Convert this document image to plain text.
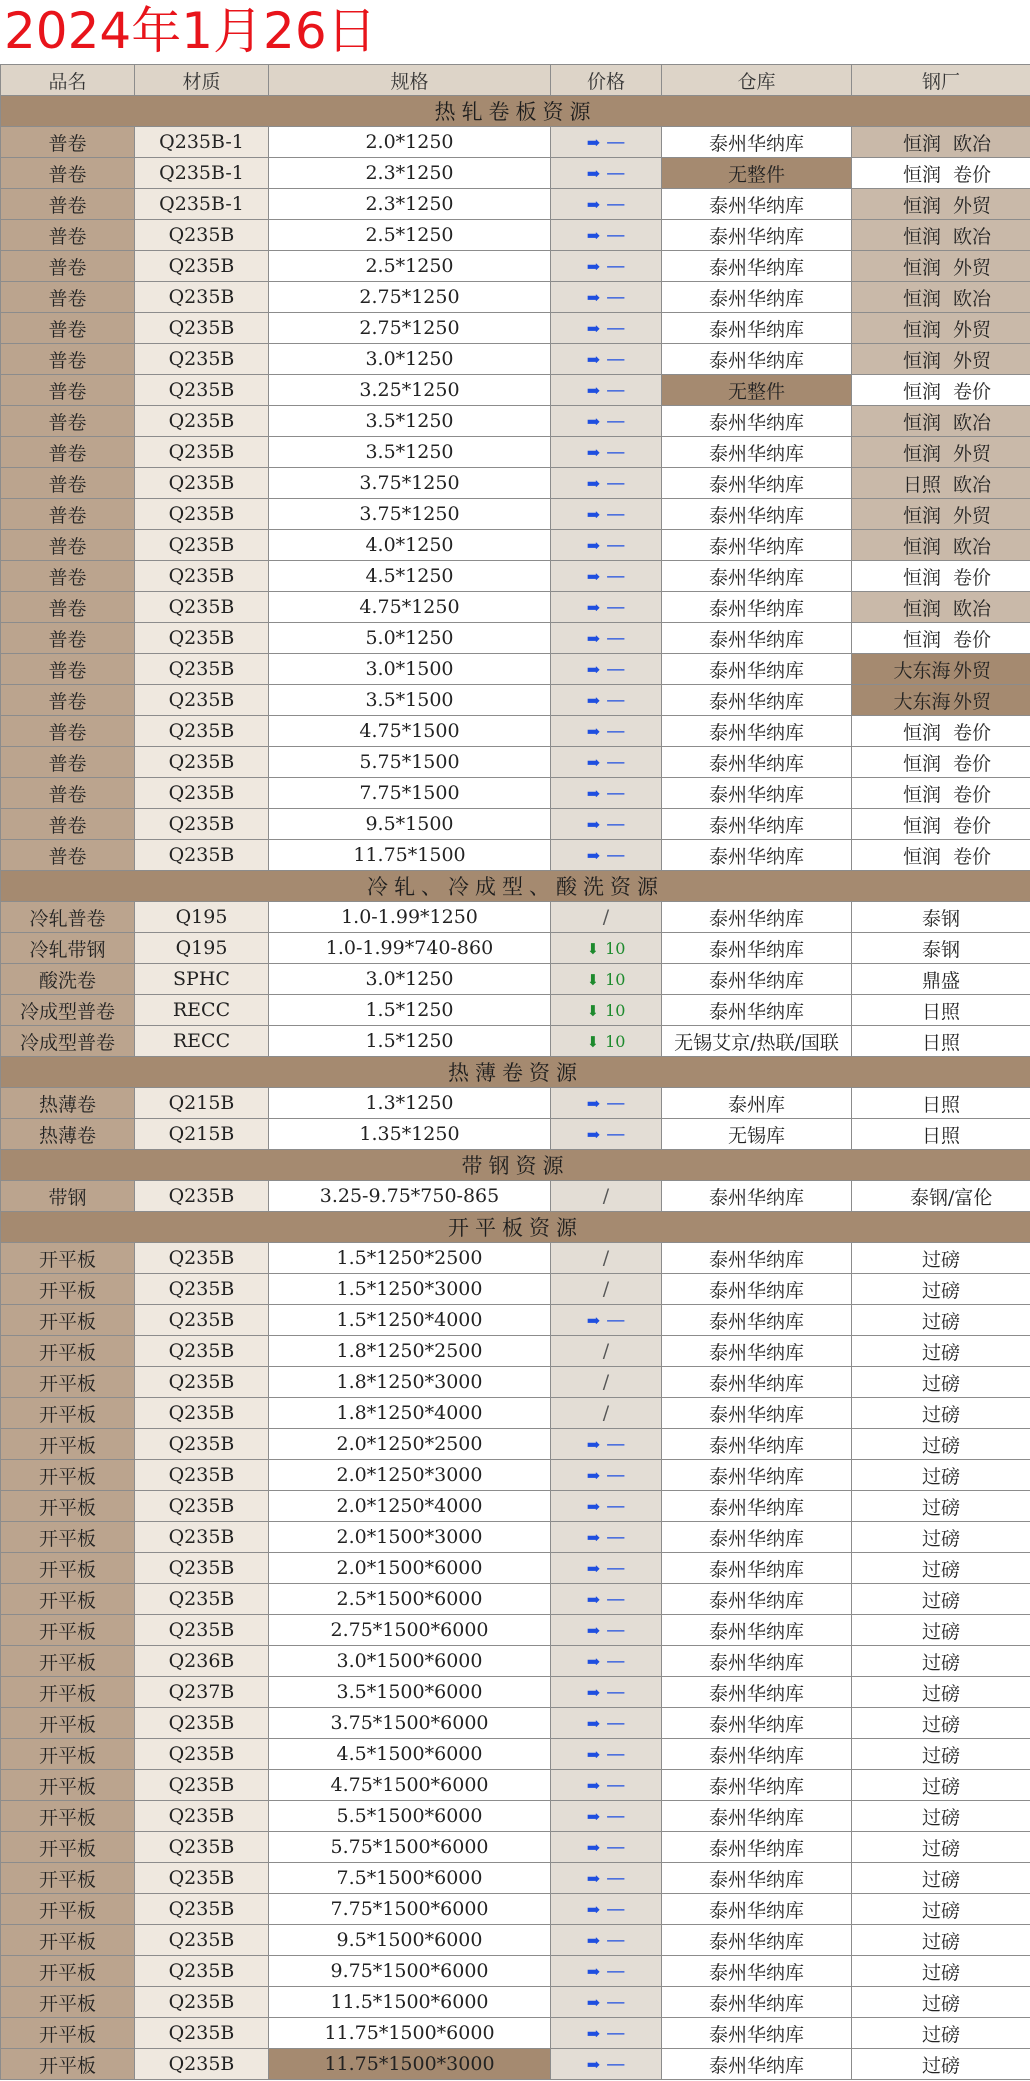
2024年1月26日
品名	材质	规格	价格	仓库	钢厂
热轧卷板资源					
普卷	Q235B-1	2.0*1250	➡ —	泰州华纳库	恒润 欧冶
普卷	Q235B-1	2.3*1250	➡ —	无整件	恒润 卷价
普卷	Q235B-1	2.3*1250	➡ —	泰州华纳库	恒润 外贸
普卷	Q235B	2.5*1250	➡ —	泰州华纳库	恒润 欧冶
普卷	Q235B	2.5*1250	➡ —	泰州华纳库	恒润 外贸
普卷	Q235B	2.75*1250	➡ —	泰州华纳库	恒润 欧冶
普卷	Q235B	2.75*1250	➡ —	泰州华纳库	恒润 外贸
普卷	Q235B	3.0*1250	➡ —	泰州华纳库	恒润 外贸
普卷	Q235B	3.25*1250	➡ —	无整件	恒润 卷价
普卷	Q235B	3.5*1250	➡ —	泰州华纳库	恒润 欧冶
普卷	Q235B	3.5*1250	➡ —	泰州华纳库	恒润 外贸
普卷	Q235B	3.75*1250	➡ —	泰州华纳库	日照 欧冶
普卷	Q235B	3.75*1250	➡ —	泰州华纳库	恒润 外贸
普卷	Q235B	4.0*1250	➡ —	泰州华纳库	恒润 欧冶
普卷	Q235B	4.5*1250	➡ —	泰州华纳库	恒润 卷价
普卷	Q235B	4.75*1250	➡ —	泰州华纳库	恒润 欧冶
普卷	Q235B	5.0*1250	➡ —	泰州华纳库	恒润 卷价
普卷	Q235B	3.0*1500	➡ —	泰州华纳库	大东海 外贸
普卷	Q235B	3.5*1500	➡ —	泰州华纳库	大东海 外贸
普卷	Q235B	4.75*1500	➡ —	泰州华纳库	恒润 卷价
普卷	Q235B	5.75*1500	➡ —	泰州华纳库	恒润 卷价
普卷	Q235B	7.75*1500	➡ —	泰州华纳库	恒润 卷价
普卷	Q235B	9.5*1500	➡ —	泰州华纳库	恒润 卷价
普卷	Q235B	11.75*1500	➡ —	泰州华纳库	恒润 卷价
冷轧、冷成型、酸洗资源					
冷轧普卷	Q195	1.0-1.99*1250	/	泰州华纳库	泰钢
冷轧带钢	Q195	1.0-1.99*740-860	⬇ 10	泰州华纳库	泰钢
酸洗卷	SPHC	3.0*1250	⬇ 10	泰州华纳库	鼎盛
冷成型普卷	RECC	1.5*1250	⬇ 10	泰州华纳库	日照
冷成型普卷	RECC	1.5*1250	⬇ 10	无锡艾京/热联/国联	日照
热薄卷资源					
热薄卷	Q215B	1.3*1250	➡ —	泰州库	日照
热薄卷	Q215B	1.35*1250	➡ —	无锡库	日照
带钢资源					
带钢	Q235B	3.25-9.75*750-865	/	泰州华纳库	泰钢/富伦
开平板资源					
开平板	Q235B	1.5*1250*2500	/	泰州华纳库	过磅
开平板	Q235B	1.5*1250*3000	/	泰州华纳库	过磅
开平板	Q235B	1.5*1250*4000	➡ —	泰州华纳库	过磅
开平板	Q235B	1.8*1250*2500	/	泰州华纳库	过磅
开平板	Q235B	1.8*1250*3000	/	泰州华纳库	过磅
开平板	Q235B	1.8*1250*4000	/	泰州华纳库	过磅
开平板	Q235B	2.0*1250*2500	➡ —	泰州华纳库	过磅
开平板	Q235B	2.0*1250*3000	➡ —	泰州华纳库	过磅
开平板	Q235B	2.0*1250*4000	➡ —	泰州华纳库	过磅
开平板	Q235B	2.0*1500*3000	➡ —	泰州华纳库	过磅
开平板	Q235B	2.0*1500*6000	➡ —	泰州华纳库	过磅
开平板	Q235B	2.5*1500*6000	➡ —	泰州华纳库	过磅
开平板	Q235B	2.75*1500*6000	➡ —	泰州华纳库	过磅
开平板	Q236B	3.0*1500*6000	➡ —	泰州华纳库	过磅
开平板	Q237B	3.5*1500*6000	➡ —	泰州华纳库	过磅
开平板	Q235B	3.75*1500*6000	➡ —	泰州华纳库	过磅
开平板	Q235B	4.5*1500*6000	➡ —	泰州华纳库	过磅
开平板	Q235B	4.75*1500*6000	➡ —	泰州华纳库	过磅
开平板	Q235B	5.5*1500*6000	➡ —	泰州华纳库	过磅
开平板	Q235B	5.75*1500*6000	➡ —	泰州华纳库	过磅
开平板	Q235B	7.5*1500*6000	➡ —	泰州华纳库	过磅
开平板	Q235B	7.75*1500*6000	➡ —	泰州华纳库	过磅
开平板	Q235B	9.5*1500*6000	➡ —	泰州华纳库	过磅
开平板	Q235B	9.75*1500*6000	➡ —	泰州华纳库	过磅
开平板	Q235B	11.5*1500*6000	➡ —	泰州华纳库	过磅
开平板	Q235B	11.75*1500*6000	➡ —	泰州华纳库	过磅
开平板	Q235B	11.75*1500*3000	➡ —	泰州华纳库	过磅
